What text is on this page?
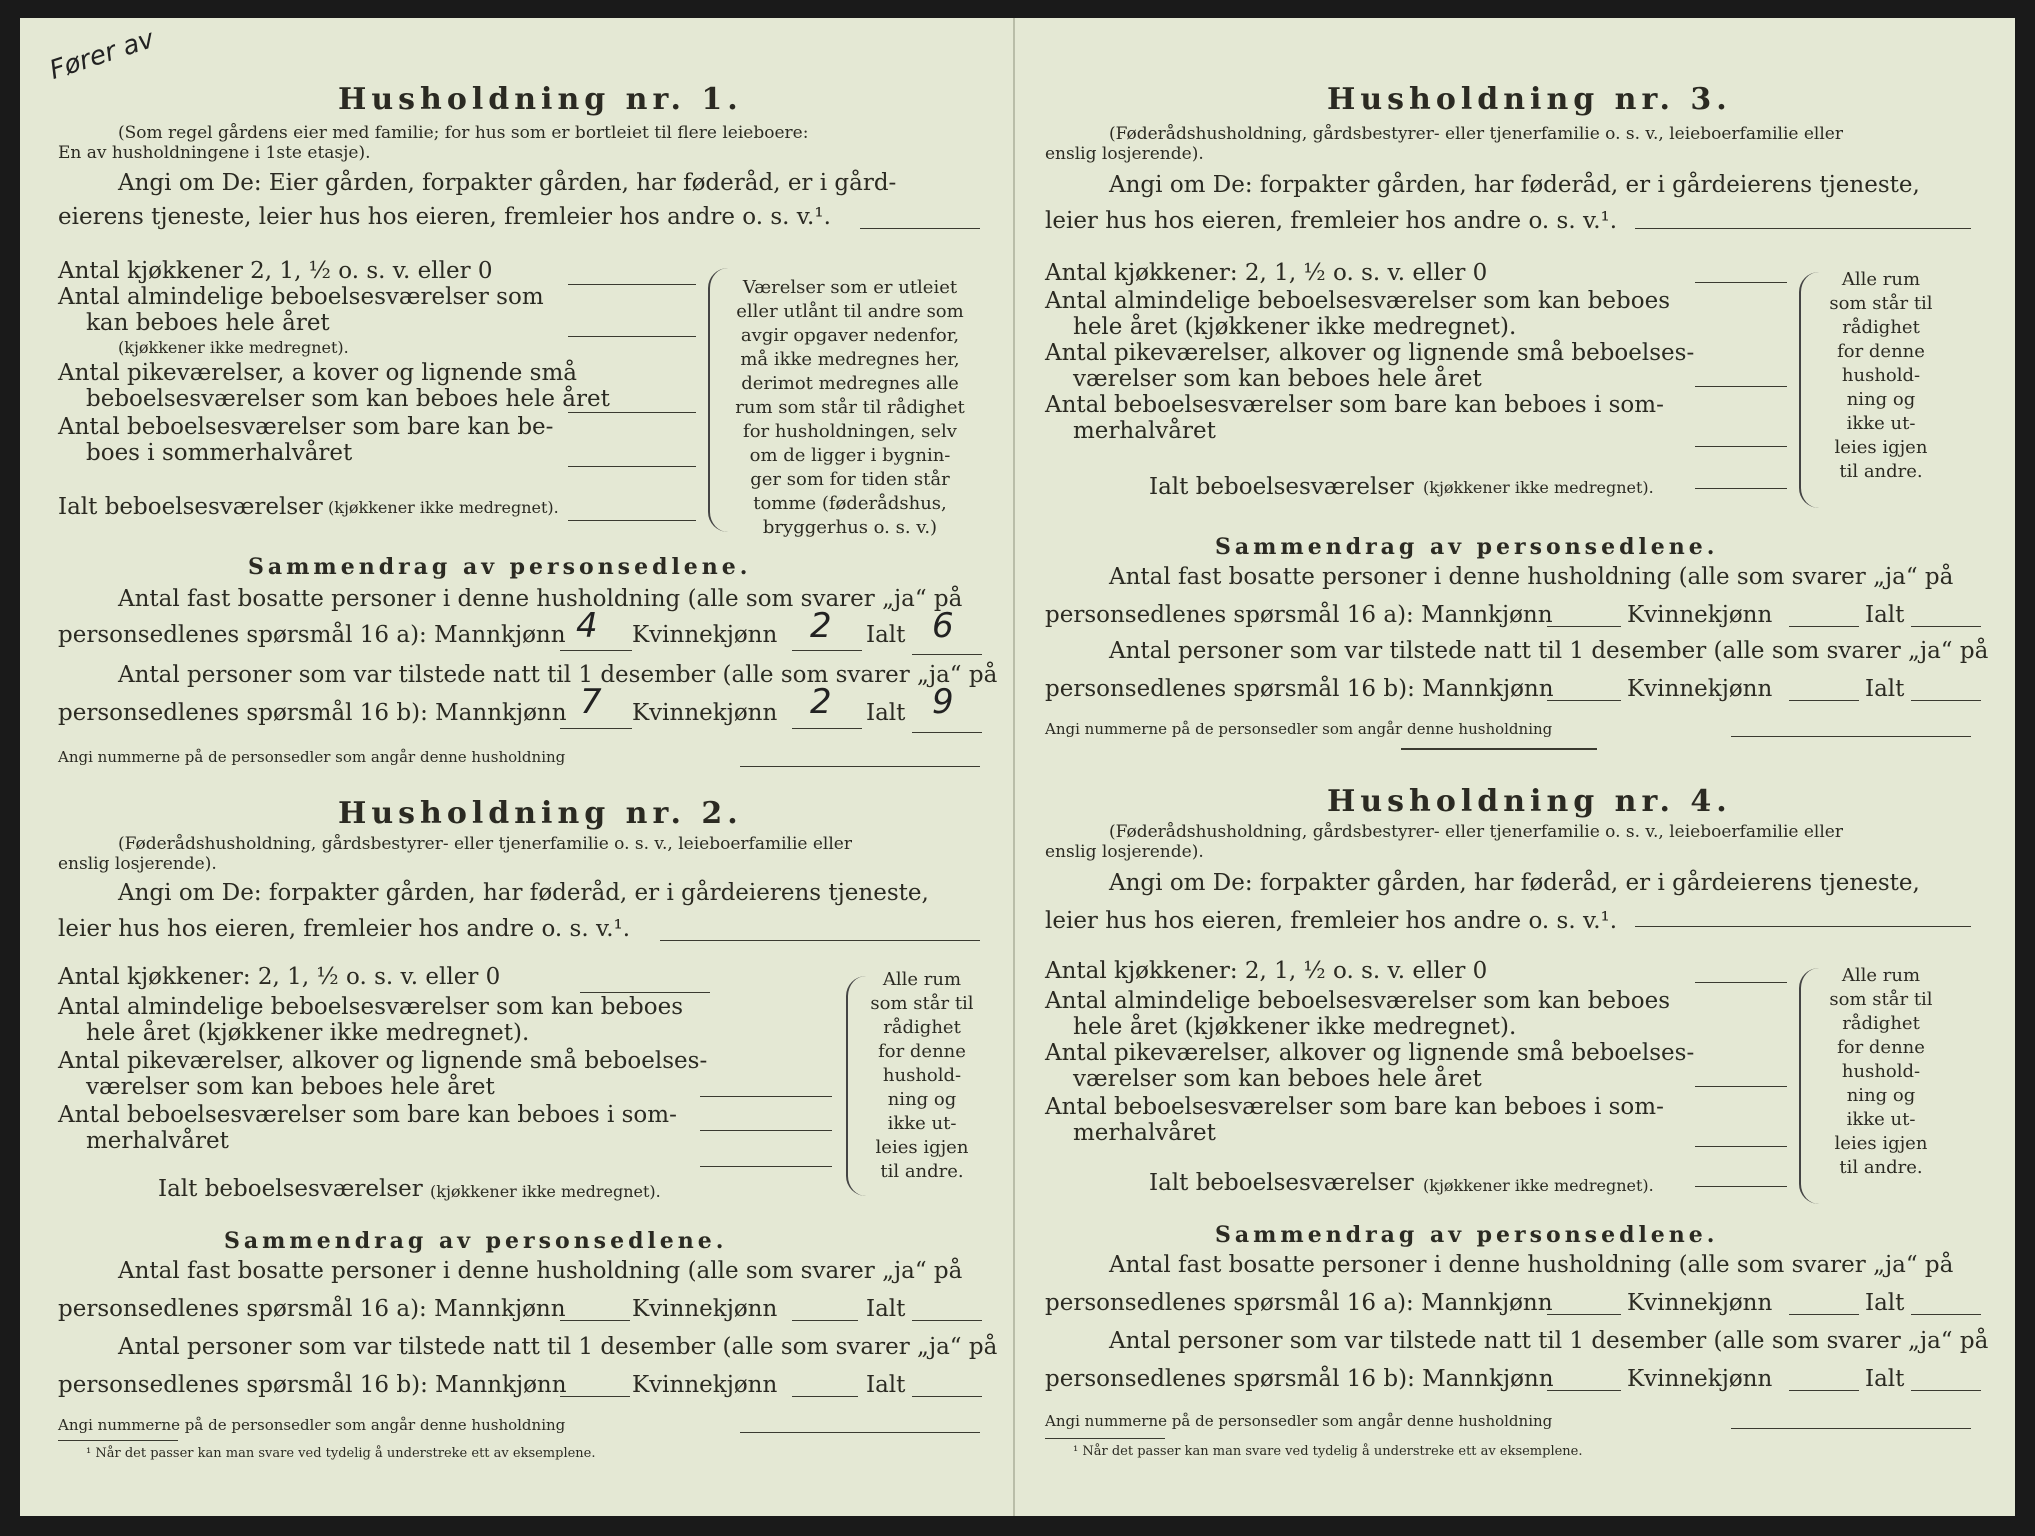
Fører av
Husholdning nr. 1.
(Som regel gårdens eier med familie; for hus som er bortleiet til flere leieboere:
En av husholdningene i 1ste etasje).
Angi om De: Eier gården, forpakter gården, har føderåd, er i gård-
eierens tjeneste, leier hus hos eieren, fremleier hos andre o. s. v.¹.
Antal kjøkkener 2, 1, ½ o. s. v. eller 0
Antal almindelige beboelsesværelser som
kan beboes hele året
(kjøkkener ikke medregnet).
Antal pikeværelser, a kover og lignende små
beboelsesværelser som kan beboes hele året
Antal beboelsesværelser som bare kan be-
boes i sommerhalvåret
Ialt beboelsesværelser (kjøkkener ikke medregnet).
Værelser som er utleiet
eller utlånt til andre som
avgir opgaver nedenfor,
må ikke medregnes her,
derimot medregnes alle
rum som står til rådighet
for husholdningen, selv
om de ligger i bygnin-
ger som for tiden står
tomme (føderådshus,
bryggerhus o. s. v.)
Sammendrag av personsedlene.
Antal fast bosatte personer i denne husholdning (alle som svarer „ja“ på
personsedlenes spørsmål 16 a): Mannkjønn 4 Kvinnekjønn 2 Ialt 6
Antal personer som var tilstede natt til 1 desember (alle som svarer „ja“ på
personsedlenes spørsmål 16 b): Mannkjønn 7 Kvinnekjønn 2 Ialt 9
Angi nummerne på de personsedler som angår denne husholdning
Husholdning nr. 2.
(Føderådshusholdning, gårdsbestyrer- eller tjenerfamilie o. s. v., leieboerfamilie eller
enslig losjerende).
Angi om De: forpakter gården, har føderåd, er i gårdeierens tjeneste,
leier hus hos eieren, fremleier hos andre o. s. v.¹.
Antal kjøkkener: 2, 1, ½ o. s. v. eller 0
Antal almindelige beboelsesværelser som kan beboes
hele året (kjøkkener ikke medregnet).
Antal pikeværelser, alkover og lignende små beboelses-
værelser som kan beboes hele året
Antal beboelsesværelser som bare kan beboes i som-
merhalvåret
Ialt beboelsesværelser (kjøkkener ikke medregnet).
Alle rum
som står til
rådighet
for denne
hushold-
ning og
ikke ut-
leies igjen
til andre.
Sammendrag av personsedlene.
Antal fast bosatte personer i denne husholdning (alle som svarer „ja“ på
personsedlenes spørsmål 16 a): Mannkjønn	Kvinnekjønn	Ialt
Antal personer som var tilstede natt til 1 desember (alle som svarer „ja“ på
personsedlenes spørsmål 16 b): Mannkjønn	Kvinnekjønn	Ialt
Angi nummerne på de personsedler som angår denne husholdning
¹ Når det passer kan man svare ved tydelig å understreke ett av eksemplene.
Husholdning nr. 3.
(Føderådshusholdning, gårdsbestyrer- eller tjenerfamilie o. s. v., leieboerfamilie eller
enslig losjerende).
Angi om De: forpakter gården, har føderåd, er i gårdeierens tjeneste,
leier hus hos eieren, fremleier hos andre o. s. v.¹.
Antal kjøkkener: 2, 1, ½ o. s. v. eller 0
Antal almindelige beboelsesværelser som kan beboes
hele året (kjøkkener ikke medregnet).
Antal pikeværelser, alkover og lignende små beboelses-
værelser som kan beboes hele året
Antal beboelsesværelser som bare kan beboes i som-
merhalvåret
Ialt beboelsesværelser (kjøkkener ikke medregnet).
Alle rum
som står til
rådighet
for denne
hushold-
ning og
ikke ut-
leies igjen
til andre.
Sammendrag av personsedlene.
Antal fast bosatte personer i denne husholdning (alle som svarer „ja“ på
personsedlenes spørsmål 16 a): Mannkjønn	Kvinnekjønn	Ialt
Antal personer som var tilstede natt til 1 desember (alle som svarer „ja“ på
personsedlenes spørsmål 16 b): Mannkjønn	Kvinnekjønn	Ialt
Angi nummerne på de personsedler som angår denne husholdning
Husholdning nr. 4.
(Føderådshusholdning, gårdsbestyrer- eller tjenerfamilie o. s. v., leieboerfamilie eller
enslig losjerende).
Angi om De: forpakter gården, har føderåd, er i gårdeierens tjeneste,
leier hus hos eieren, fremleier hos andre o. s. v.¹.
Antal kjøkkener: 2, 1, ½ o. s. v. eller 0
Antal almindelige beboelsesværelser som kan beboes
hele året (kjøkkener ikke medregnet).
Antal pikeværelser, alkover og lignende små beboelses-
værelser som kan beboes hele året
Antal beboelsesværelser som bare kan beboes i som-
merhalvåret
Ialt beboelsesværelser (kjøkkener ikke medregnet).
Alle rum
som står til
rådighet
for denne
hushold-
ning og
ikke ut-
leies igjen
til andre.
Sammendrag av personsedlene.
Antal fast bosatte personer i denne husholdning (alle som svarer „ja“ på
personsedlenes spørsmål 16 a): Mannkjønn	Kvinnekjønn	Ialt
Antal personer som var tilstede natt til 1 desember (alle som svarer „ja“ på
personsedlenes spørsmål 16 b): Mannkjønn	Kvinnekjønn	Ialt
Angi nummerne på de personsedler som angår denne husholdning
¹ Når det passer kan man svare ved tydelig å understreke ett av eksemplene.
